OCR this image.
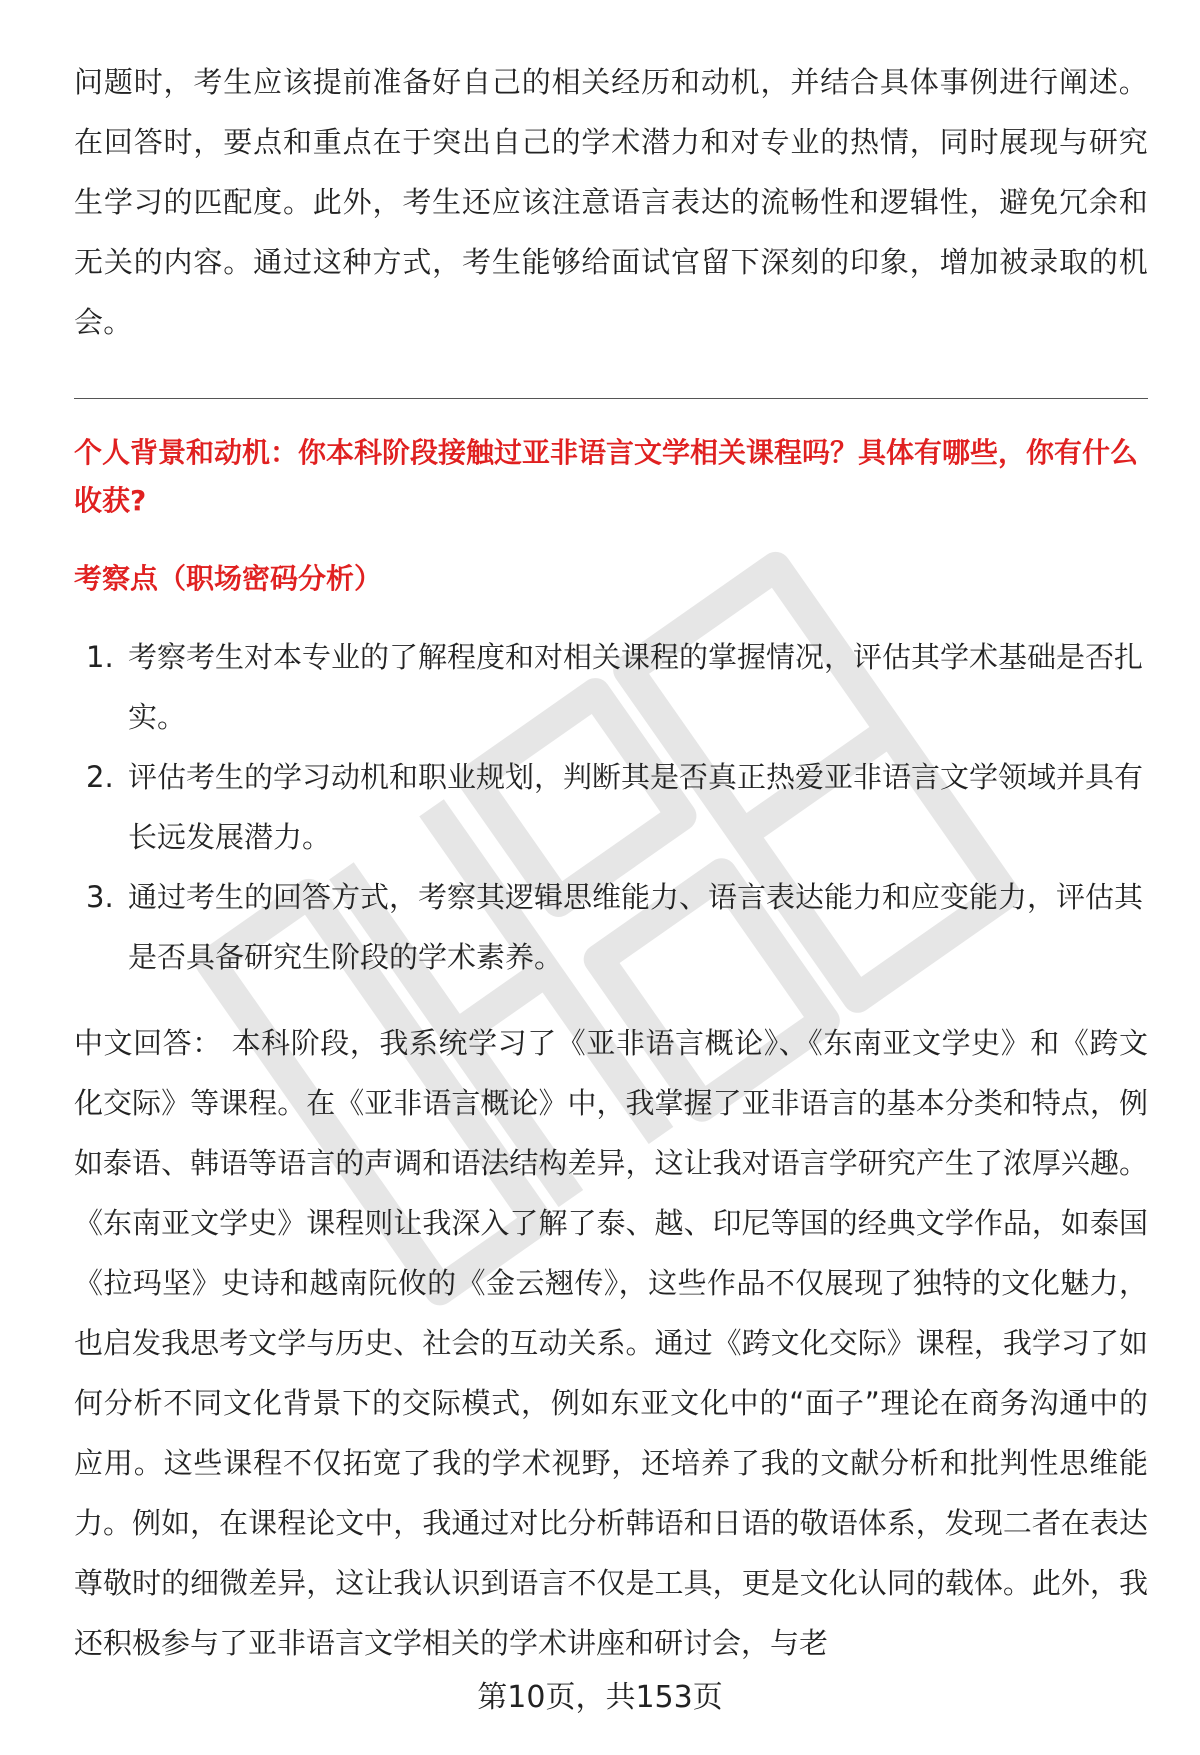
问题时，考生应该提前准备好自己的相关经历和动机，并结合具体事例进行阐述。在回答时，要点和重点在于突出自己的学术潜力和对专业的热情，同时展现与研究生学习的匹配度。此外，考生还应该注意语言表达的流畅性和逻辑性，避免冗余和无关的内容。通过这种方式，考生能够给面试官留下深刻的印象，增加被录取的机会。

个人背景和动机：你本科阶段接触过亚非语言文学相关课程吗？具体有哪些，你有什么收获?
考察点（职场密码分析）
1. 考察考生对本专业的了解程度和对相关课程的掌握情况，评估其学术基础是否扎实。
2. 评估考生的学习动机和职业规划，判断其是否真正热爱亚非语言文学领域并具有长远发展潜力。
3. 通过考生的回答方式，考察其逻辑思维能力、语言表达能力和应变能力，评估其是否具备研究生阶段的学术素养。

中文回答： 本科阶段，我系统学习了《亚非语言概论》、《东南亚文学史》和《跨文化交际》等课程。在《亚非语言概论》中，我掌握了亚非语言的基本分类和特点，例如泰语、韩语等语言的声调和语法结构差异，这让我对语言学研究产生了浓厚兴趣。《东南亚文学史》课程则让我深入了解了泰、越、印尼等国的经典文学作品，如泰国《拉玛坚》史诗和越南阮攸的《金云翘传》，这些作品不仅展现了独特的文化魅力，也启发我思考文学与历史、社会的互动关系。通过《跨文化交际》课程，我学习了如何分析不同文化背景下的交际模式，例如东亚文化中的“面子”理论在商务沟通中的应用。这些课程不仅拓宽了我的学术视野，还培养了我的文献分析和批判性思维能力。例如，在课程论文中，我通过对比分析韩语和日语的敬语体系，发现二者在表达尊敬时的细微差异，这让我认识到语言不仅是工具，更是文化认同的载体。此外，我还积极参与了亚非语言文学相关的学术讲座和研讨会，与老

第10页，共153页
